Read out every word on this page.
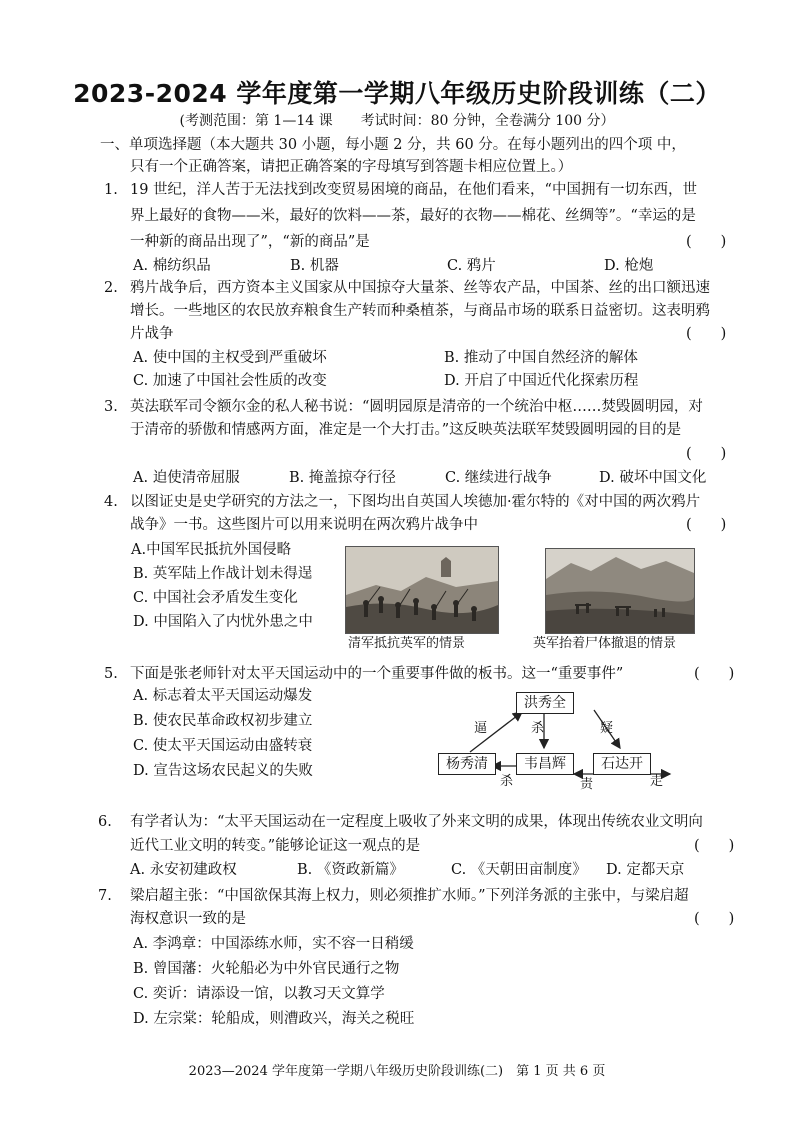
2023-2024 学年度第一学期八年级历史阶段训练（二）
(考测范围：第 1—14 课　　考试时间：80 分钟，全卷满分 100 分）
一、单项选择题（本大题共 30 小题，每小题 2 分，共 60 分。在每小题列出的四个项 中，
只有一个正确答案，请把正确答案的字母填写到答题卡相应位置上。）
1. 19 世纪，洋人苦于无法找到改变贸易困境的商品，在他们看来，“中国拥有一切东西，世
界上最好的食物——米，最好的饮料——茶，最好的衣物——棉花、丝绸等”。“幸运的是
一种新的商品出现了”，“新的商品”是	(　　)
A. 棉纺织品	B. 机器	C. 鸦片	D. 枪炮
2. 鸦片战争后，西方资本主义国家从中国掠夺大量茶、丝等农产品，中国茶、丝的出口额迅速
增长。一些地区的农民放弃粮食生产转而种桑植茶，与商品市场的联系日益密切。这表明鸦
片战争	(　　)
A. 使中国的主权受到严重破坏	B. 推动了中国自然经济的解体
C. 加速了中国社会性质的改变	D. 开启了中国近代化探索历程
3. 英法联军司令额尔金的私人秘书说：“圆明园原是清帝的一个统治中枢……焚毁圆明园，对
于清帝的骄傲和情感两方面，准定是一个大打击。”这反映英法联军焚毁圆明园的目的是
(　　)
A. 迫使清帝屈服	B. 掩盖掠夺行径	C. 继续进行战争	D. 破坏中国文化
4. 以图证史是史学研究的方法之一，下图均出自英国人埃德加·霍尔特的《对中国的两次鸦片
战争》一书。这些图片可以用来说明在两次鸦片战争中	(　　)
A.中国军民抵抗外国侵略
B. 英军陆上作战计划未得逞
C. 中国社会矛盾发生变化
D. 中国陷入了内忧外患之中
清军抵抗英军的情景	英军抬着尸体撤退的情景
5. 下面是张老师针对太平天国运动中的一个重要事件做的板书。这一“重要事件”	(　　)
A. 标志着太平天国运动爆发
B. 使农民革命政权初步建立
C. 使太平天国运动由盛转衰
D. 宣告这场农民起义的失败
洪秀全
杨秀清	韦昌辉	石达开
逼	杀	疑
杀	责	走
6. 有学者认为：“太平天国运动在一定程度上吸收了外来文明的成果，体现出传统农业文明向
近代工业文明的转变。”能够论证这一观点的是	(　　)
A. 永安初建政权	B. 《资政新篇》	C. 《天朝田亩制度》 D. 定都天京
7. 梁启超主张：“中国欲保其海上权力，则必须推扩水师。”下列洋务派的主张中，与梁启超
海权意识一致的是	(　　)
A. 李鸿章：中国添练水师，实不容一日稍缓
B. 曾国藩：火轮船必为中外官民通行之物
C. 奕䜣：请添设一馆，以教习天文算学
D. 左宗棠：轮船成，则漕政兴，海关之税旺
2023—2024 学年度第一学期八年级历史阶段训练(二)　第 1 页 共 6 页
